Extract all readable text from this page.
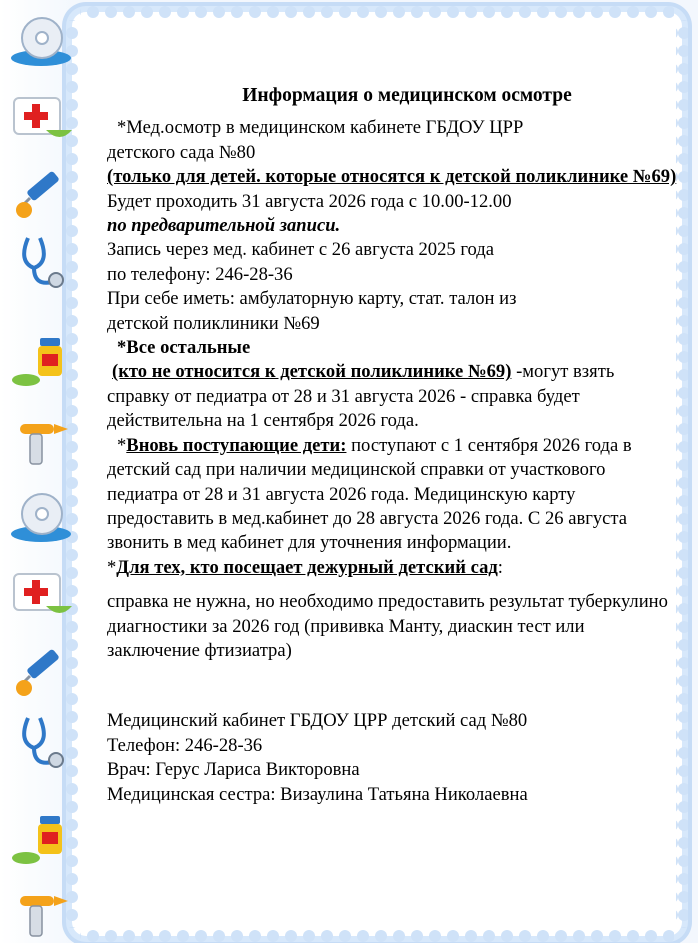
Информация о медицинском осмотре

*Мед.осмотр в медицинском кабинете ГБДОУ ЦРР
детского сада №80
(только для детей. которые относятся к детской поликлинике №69)
Будет проходить 31 августа 2026 года с 10.00-12.00
по предварительной записи.
Запись через мед. кабинет с 26 августа 2025 года
по телефону: 246-28-36
При себе иметь: амбулаторную карту, стат. талон из
детской поликлиники №69

*Все остальные
(кто не относится к детской поликлинике №69) -могут взять справку от педиатра от 28 и 31 августа 2026 - справка будет действительна на 1 сентября 2026 года.

*Вновь поступающие дети: поступают с 1 сентября 2026 года в детский сад при наличии медицинской справки от участкового педиатра от 28 и 31 августа 2026 года. Медицинскую карту предоставить в мед.кабинет до 28 августа 2026 года. С 26 августа звонить в мед кабинет для уточнения информации.

*Для тех, кто посещает дежурный детский сад:

справка не нужна, но необходимо предоставить результат туберкулино диагностики за 2026 год (прививка Манту, диаскин тест или заключение фтизиатра)

Медицинский кабинет ГБДОУ ЦРР детский сад №80
Телефон: 246-28-36
Врач: Герус Лариса Викторовна
Медицинская сестра: Визаулина Татьяна Николаевна
